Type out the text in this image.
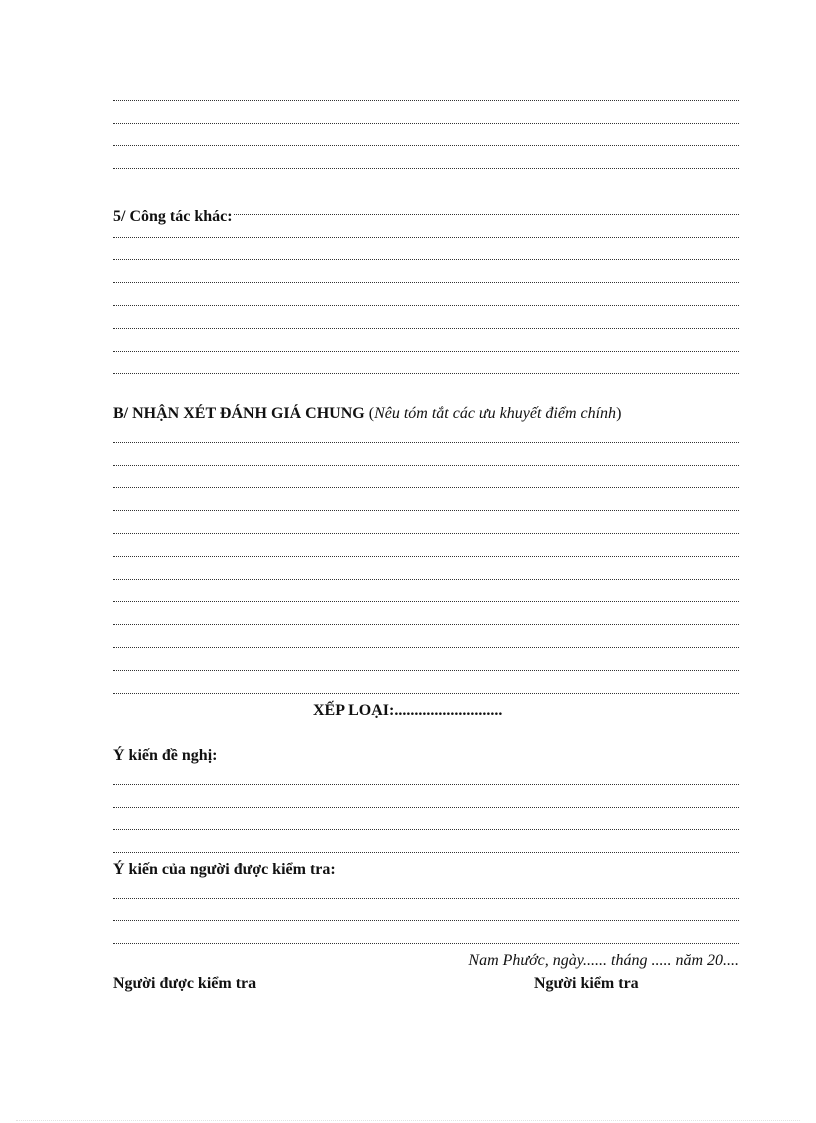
5/ Công tác khác:
B/ NHẬN XÉT ĐÁNH GIÁ CHUNG (Nêu tóm tắt các ưu khuyết điểm chính)
XẾP LOẠI:...........................
Ý kiến đề nghị:
Ý kiến của người được kiểm tra:
Nam Phước, ngày...... tháng ..... năm 20....
Người được kiểm tra	Người kiểm tra
